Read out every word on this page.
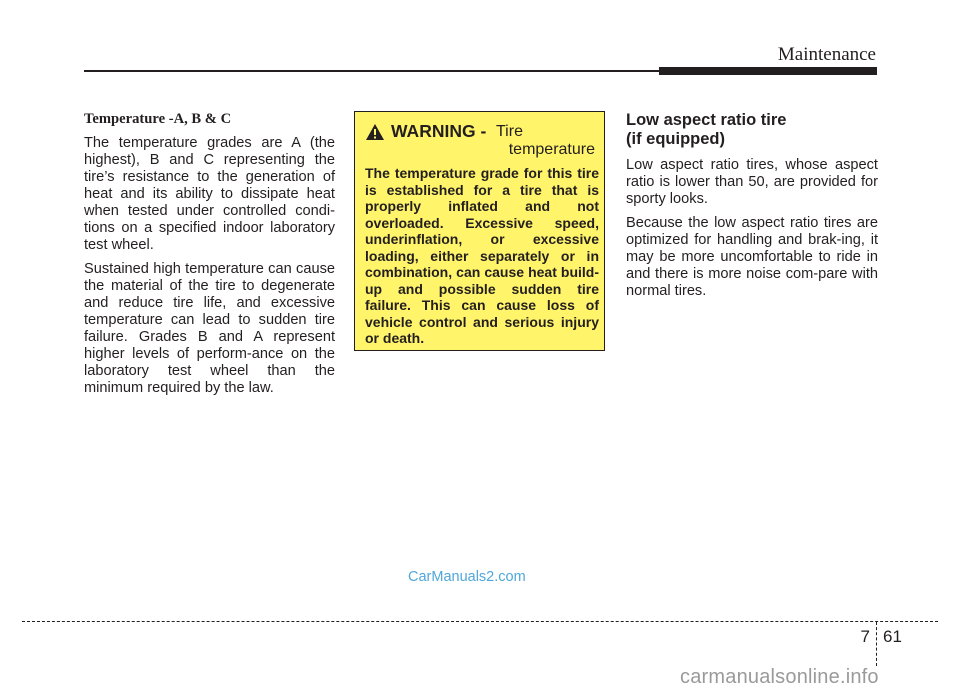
Maintenance
Temperature -A, B & C

The temperature grades are A (the highest), B and C representing the tire’s resistance to the generation of heat and its ability to dissipate heat when tested under controlled condi-tions on a specified indoor laboratory test wheel.

Sustained high temperature can cause the material of the tire to degenerate and reduce tire life, and excessive temperature can lead to sudden tire failure. Grades B and A represent higher levels of perform-ance on the laboratory test wheel than the minimum required by the law.

WARNING - Tire
temperature

The temperature grade for this tire is established for a tire that is properly inflated and not overloaded. Excessive speed, underinflation, or excessive loading, either separately or in combination, can cause heat build-up and possible sudden tire failure. This can cause loss of vehicle control and serious injury or death.

Low aspect ratio tire
(if equipped)

Low aspect ratio tires, whose aspect ratio is lower than 50, are provided for sporty looks.

Because the low aspect ratio tires are optimized for handling and brak-ing, it may be more uncomfortable to ride in and there is more noise com-pare with normal tires.

CarManuals2.com
7 61
carmanualsonline.info
